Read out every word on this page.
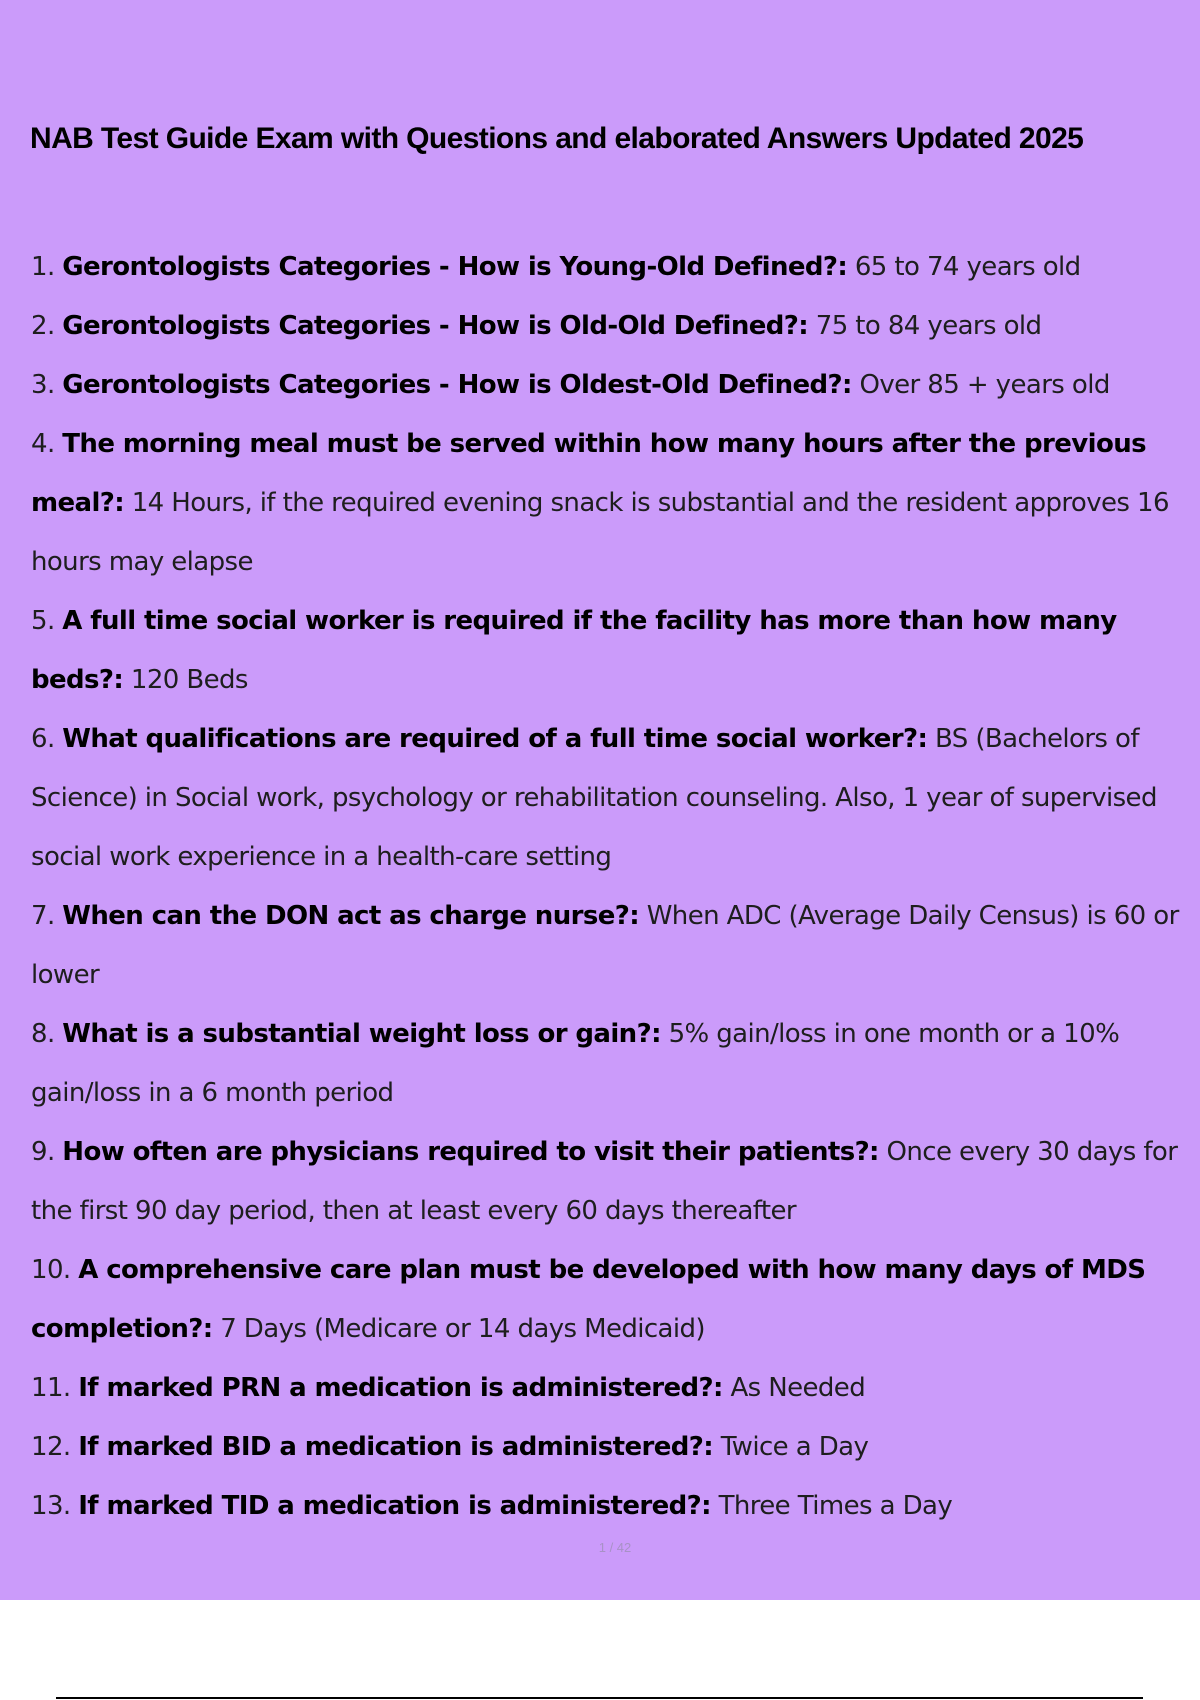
NAB Test Guide Exam with Questions and elaborated Answers Updated 2025
1. Gerontologists Categories - How is Young-Old Defined?: 65 to 74 years old
2. Gerontologists Categories - How is Old-Old Defined?: 75 to 84 years old
3. Gerontologists Categories - How is Oldest-Old Defined?: Over 85 + years old
4. The morning meal must be served within how many hours after the previous meal?: 14 Hours, if the required evening snack is substantial and the resident approves 16 hours may elapse
5. A full time social worker is required if the facility has more than how many beds?: 120 Beds
6. What qualifications are required of a full time social worker?: BS (Bachelors of Science) in Social work, psychology or rehabilitation counseling. Also, 1 year of supervised social work experience in a health-care setting
7. When can the DON act as charge nurse?: When ADC (Average Daily Census) is 60 or lower
8. What is a substantial weight loss or gain?: 5% gain/loss in one month or a 10% gain/loss in a 6 month period
9. How often are physicians required to visit their patients?: Once every 30 days for the first 90 day period, then at least every 60 days thereafter
10. A comprehensive care plan must be developed with how many days of MDS completion?: 7 Days (Medicare or 14 days Medicaid)
11. If marked PRN a medication is administered?: As Needed
12. If marked BID a medication is administered?: Twice a Day
13. If marked TID a medication is administered?: Three Times a Day
1 / 42
